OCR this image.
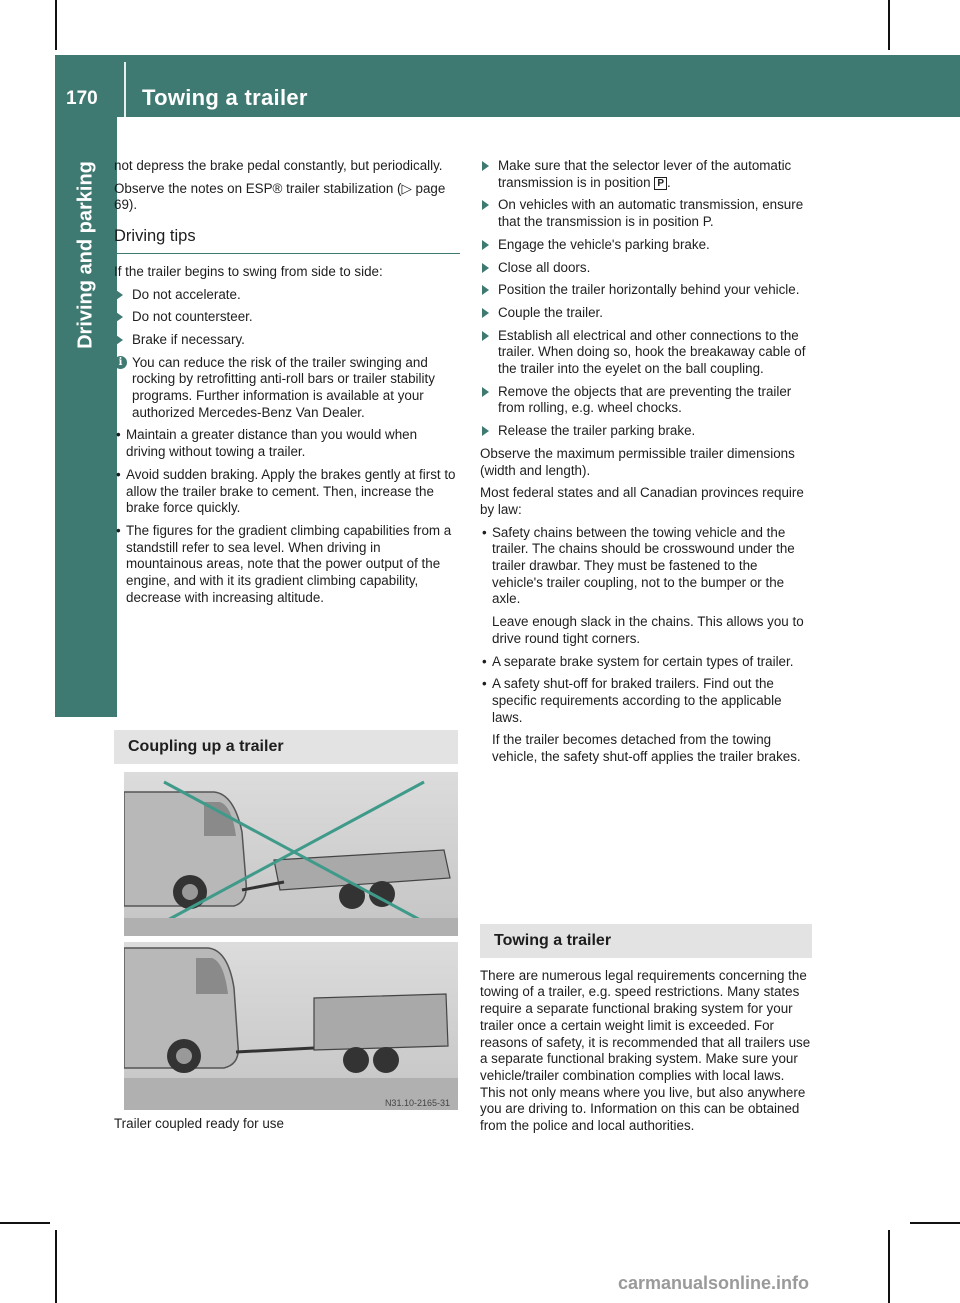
170 Towing a trailer
Driving and parking not depress the brake pedal constantly, but periodically.

Observe the notes on ESP® trailer stabilization (▷ page 69).

Driving tips

If the trailer begins to swing from side to side:

Do not accelerate.
Do not countersteer.
Brake if necessary.
i You can reduce the risk of the trailer swinging and rocking by retrofitting anti-roll bars or trailer stability programs. Further information is available at your authorized Mercedes-Benz Van Dealer.
• Maintain a greater distance than you would when driving without towing a trailer.
• Avoid sudden braking. Apply the brakes gently at first to allow the trailer brake to cement. Then, increase the brake force quickly.
• The figures for the gradient climbing capabilities from a standstill refer to sea level. When driving in mountainous areas, note that the power output of the engine, and with it its gradient climbing capability, decrease with increasing altitude.
Coupling up a trailer
N31.10-2165-31
Trailer coupled ready for use
Make sure that the selector lever of the automatic transmission is in position P .
On vehicles with an automatic transmission, ensure that the transmission is in position P.
Engage the vehicle's parking brake.
Close all doors.
Position the trailer horizontally behind your vehicle.
Couple the trailer.
Establish all electrical and other connections to the trailer. When doing so, hook the breakaway cable of the trailer into the eyelet on the ball coupling.
Remove the objects that are preventing the trailer from rolling, e.g. wheel chocks.
Release the trailer parking brake.

Observe the maximum permissible trailer dimensions (width and length).

Most federal states and all Canadian provinces require by law:

• Safety chains between the towing vehicle and the trailer. The chains should be crosswound under the trailer drawbar. They must be fastened to the vehicle's trailer coupling, not to the bumper or the axle.
Leave enough slack in the chains. This allows you to drive round tight corners.
• A separate brake system for certain types of trailer.
• A safety shut-off for braked trailers. Find out the specific requirements according to the applicable laws.
If the trailer becomes detached from the towing vehicle, the safety shut-off applies the trailer brakes.
Towing a trailer

There are numerous legal requirements concerning the towing of a trailer, e.g. speed restrictions. Many states require a separate functional braking system for your trailer once a certain weight limit is exceeded. For reasons of safety, it is recommended that all trailers use a separate functional braking system. Make sure your vehicle/trailer combination complies with local laws. This not only means where you live, but also anywhere you are driving to. Information on this can be obtained from the police and local authorities.

carmanualsonline.info
